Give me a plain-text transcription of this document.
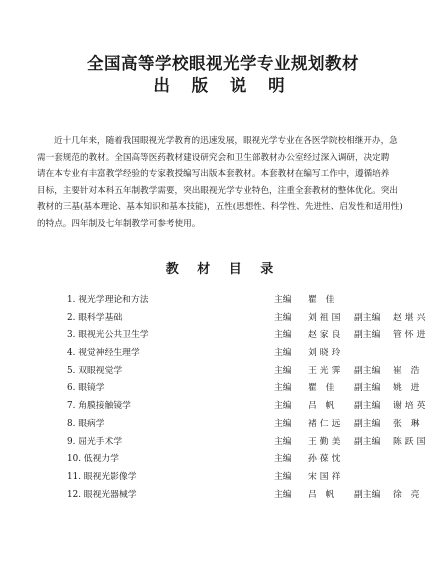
全国高等学校眼视光学专业规划教材
出 版 说 明

近十几年来，随着我国眼视光学教育的迅速发展，眼视光学专业在各医学院校相继开办，急

需一套规范的教材。全国高等医药教材建设研究会和卫生部教材办公室经过深入调研，决定聘

请在本专业有丰富教学经验的专家教授编写出版本套教材。本套教材在编写工作中，遵循培养

目标，主要针对本科五年制教学需要，突出眼视光学专业特色，注重全套教材的整体优化。突出

教材的三基(基本理论、基本知识和基本技能)，五性(思想性、科学性、先进性、启发性和适用性)

的特点。四年制及七年制教学可参考使用。

教 材 目 录
1. 视光学理论和方法	主编 瞿 佳
2. 眼科学基础	主编 刘祖国 副主编 赵堪兴
3. 眼视光公共卫生学	主编 赵家良 副主编 管怀进
4. 视觉神经生理学	主编 刘晓玲
5. 双眼视觉学	主编 王光霁 副主编 崔 浩
6. 眼镜学	主编 瞿 佳 副主编 姚 进
7. 角膜接触镜学	主编 吕 帆 副主编 谢培英
8. 眼病学	主编 褚仁远 副主编 张 琳
9. 屈光手术学	主编 王勤美 副主编 陈跃国
10. 低视力学	主编 孙葆忱
11. 眼视光影像学	主编 宋国祥
12. 眼视光器械学	主编 吕 帆 副主编 徐 亮
